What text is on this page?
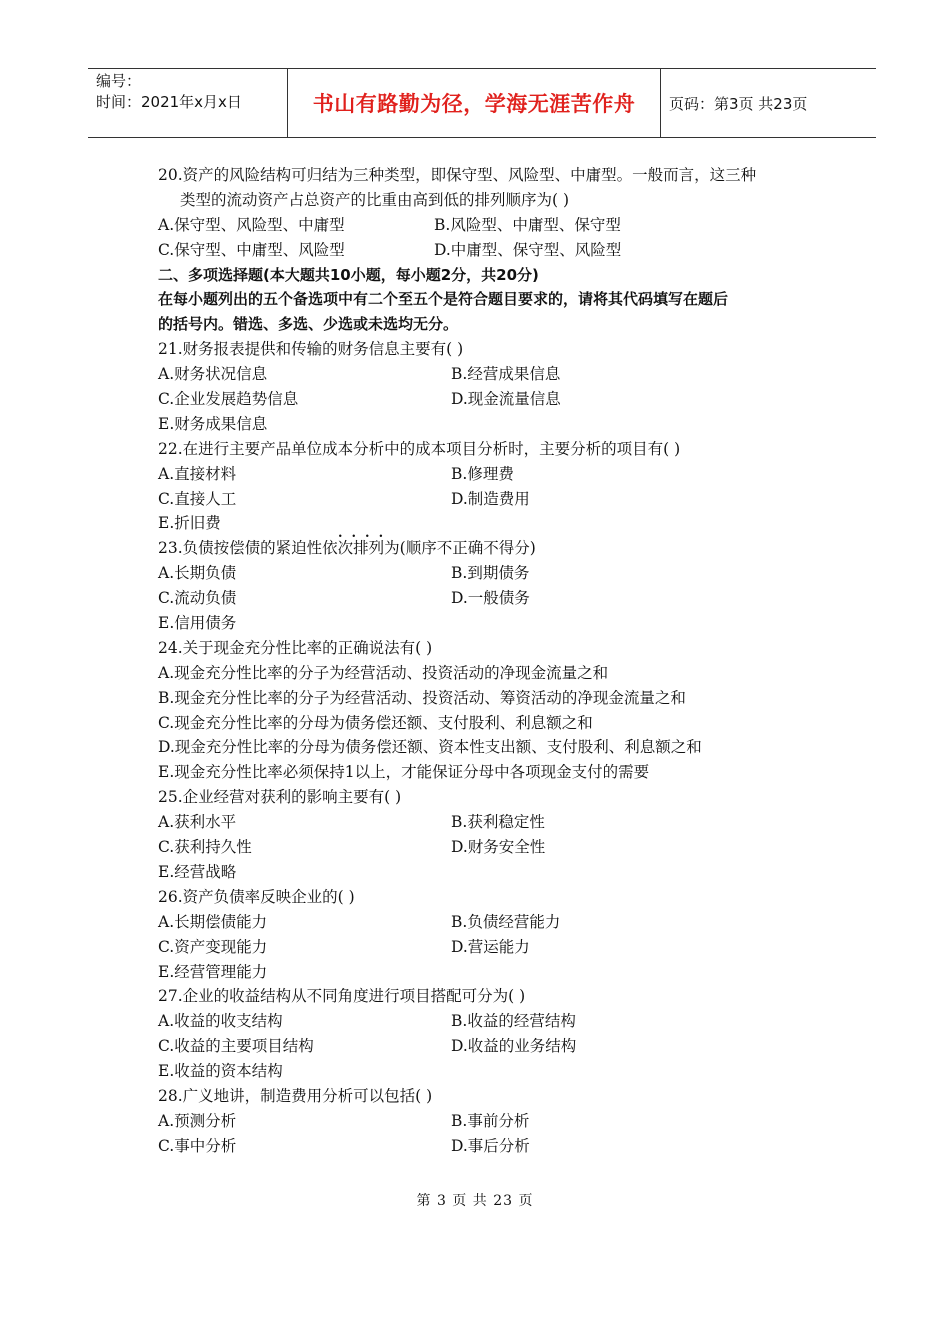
编号：
时间：2021年x月x日	书山有路勤为径，学海无涯苦作舟	页码：第3页 共23页
20.资产的风险结构可归结为三种类型，即保守型、风险型、中庸型。一般而言，这三种
类型的流动资产占总资产的比重由高到低的排列顺序为( )
A.保守型、风险型、中庸型	B.风险型、中庸型、保守型
C.保守型、中庸型、风险型	D.中庸型、保守型、风险型
二、多项选择题(本大题共10小题，每小题2分，共20分)
在每小题列出的五个备选项中有二个至五个是符合题目要求的，请将其代码填写在题后
的括号内。错选、多选、少选或未选均无分。
21.财务报表提供和传输的财务信息主要有( )
A.财务状况信息	B.经营成果信息
C.企业发展趋势信息	D.现金流量信息
E.财务成果信息
22.在进行主要产品单位成本分析中的成本项目分析时，主要分析的项目有( )
A.直接材料	B.修理费
C.直接人工	D.制造费用
E.折旧费
23.负债按偿债的紧迫性依次排列为(顺序不正确不得分)
A.长期负债	B.到期债务
C.流动负债	D.一般债务
E.信用债务
24.关于现金充分性比率的正确说法有( )
A.现金充分性比率的分子为经营活动、投资活动的净现金流量之和
B.现金充分性比率的分子为经营活动、投资活动、筹资活动的净现金流量之和
C.现金充分性比率的分母为债务偿还额、支付股利、利息额之和
D.现金充分性比率的分母为债务偿还额、资本性支出额、支付股利、利息额之和
E.现金充分性比率必须保持1以上，才能保证分母中各项现金支付的需要
25.企业经营对获利的影响主要有( )
A.获利水平	B.获利稳定性
C.获利持久性	D.财务安全性
E.经营战略
26.资产负债率反映企业的( )
A.长期偿债能力	B.负债经营能力
C.资产变现能力	D.营运能力
E.经营管理能力
27.企业的收益结构从不同角度进行项目搭配可分为( )
A.收益的收支结构	B.收益的经营结构
C.收益的主要项目结构	D.收益的业务结构
E.收益的资本结构
28.广义地讲，制造费用分析可以包括( )
A.预测分析	B.事前分析
C.事中分析	D.事后分析
....
第 3 页 共 23 页
